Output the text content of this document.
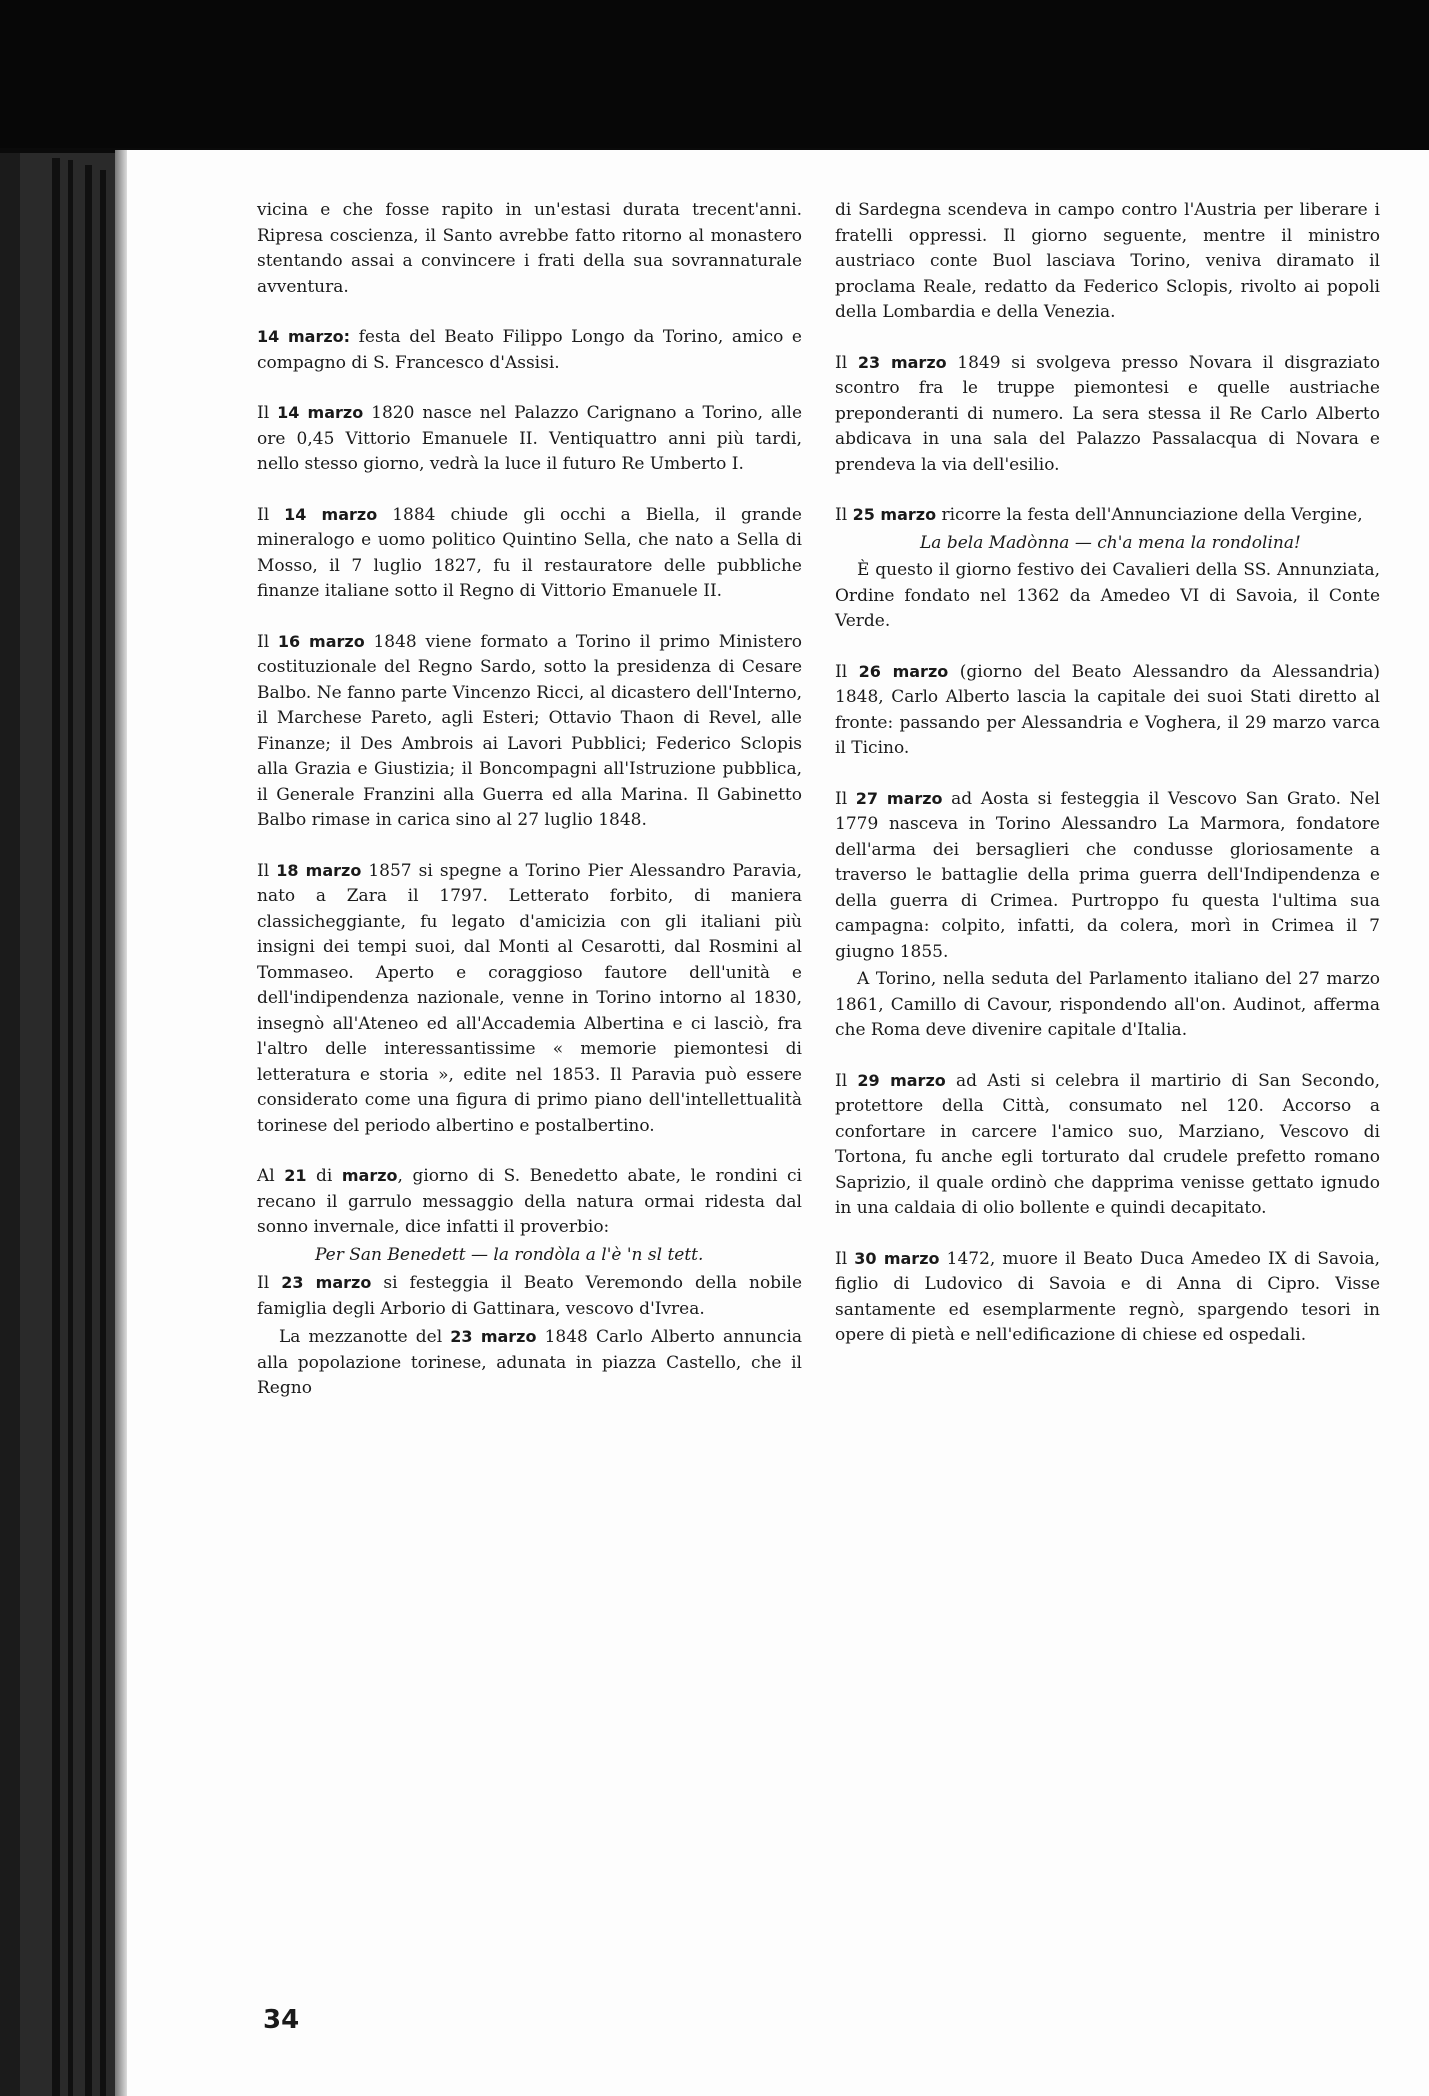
vicina e che fosse rapito in un'estasi durata trecent'anni. Ripresa coscienza, il Santo avrebbe fatto ritorno al monastero stentando assai a convincere i frati della sua sovrannaturale avventura.

14 marzo: festa del Beato Filippo Longo da Torino, amico e compagno di S. Francesco d'Assisi.

Il 14 marzo 1820 nasce nel Palazzo Carignano a Torino, alle ore 0,45 Vittorio Emanuele II. Ventiquattro anni più tardi, nello stesso giorno, vedrà la luce il futuro Re Umberto I.

Il 14 marzo 1884 chiude gli occhi a Biella, il grande mineralogo e uomo politico Quintino Sella, che nato a Sella di Mosso, il 7 luglio 1827, fu il restauratore delle pubbliche finanze italiane sotto il Regno di Vittorio Emanuele II.

Il 16 marzo 1848 viene formato a Torino il primo Ministero costituzionale del Regno Sardo, sotto la presidenza di Cesare Balbo. Ne fanno parte Vincenzo Ricci, al dicastero dell'Interno, il Marchese Pareto, agli Esteri; Ottavio Thaon di Revel, alle Finanze; il Des Ambrois ai Lavori Pubblici; Federico Sclopis alla Grazia e Giustizia; il Boncompagni all'Istruzione pubblica, il Generale Franzini alla Guerra ed alla Marina. Il Gabinetto Balbo rimase in carica sino al 27 luglio 1848.

Il 18 marzo 1857 si spegne a Torino Pier Alessandro Paravia, nato a Zara il 1797. Letterato forbito, di maniera classicheggiante, fu legato d'amicizia con gli italiani più insigni dei tempi suoi, dal Monti al Cesarotti, dal Rosmini al Tommaseo. Aperto e coraggioso fautore dell'unità e dell'indipendenza nazionale, venne in Torino intorno al 1830, insegnò all'Ateneo ed all'Accademia Albertina e ci lasciò, fra l'altro delle interessantissime « memorie piemontesi di letteratura e storia », edite nel 1853. Il Paravia può essere considerato come una figura di primo piano dell'intellettualità torinese del periodo albertino e postalbertino.

Al 21 di marzo, giorno di S. Benedetto abate, le rondini ci recano il garrulo messaggio della natura ormai ridesta dal sonno invernale, dice infatti il proverbio:

Per San Benedett — la rondòla a l'è 'n sl tett.

Il 23 marzo si festeggia il Beato Veremondo della nobile famiglia degli Arborio di Gattinara, vescovo d'Ivrea.

La mezzanotte del 23 marzo 1848 Carlo Alberto annuncia alla popolazione torinese, adunata in piazza Castello, che il Regno

di Sardegna scendeva in campo contro l'Austria per liberare i fratelli oppressi. Il giorno seguente, mentre il ministro austriaco conte Buol lasciava Torino, veniva diramato il proclama Reale, redatto da Federico Sclopis, rivolto ai popoli della Lombardia e della Venezia.

Il 23 marzo 1849 si svolgeva presso Novara il disgraziato scontro fra le truppe piemontesi e quelle austriache preponderanti di numero. La sera stessa il Re Carlo Alberto abdicava in una sala del Palazzo Passalacqua di Novara e prendeva la via dell'esilio.

Il 25 marzo ricorre la festa dell'Annunciazione della Vergine,

La bela Madònna — ch'a mena la rondolina!

È questo il giorno festivo dei Cavalieri della SS. Annunziata, Ordine fondato nel 1362 da Amedeo VI di Savoia, il Conte Verde.

Il 26 marzo (giorno del Beato Alessandro da Alessandria) 1848, Carlo Alberto lascia la capitale dei suoi Stati diretto al fronte: passando per Alessandria e Voghera, il 29 marzo varca il Ticino.

Il 27 marzo ad Aosta si festeggia il Vescovo San Grato. Nel 1779 nasceva in Torino Alessandro La Marmora, fondatore dell'arma dei bersaglieri che condusse gloriosamente a traverso le battaglie della prima guerra dell'Indipendenza e della guerra di Crimea. Purtroppo fu questa l'ultima sua campagna: colpito, infatti, da colera, morì in Crimea il 7 giugno 1855.

A Torino, nella seduta del Parlamento italiano del 27 marzo 1861, Camillo di Cavour, rispondendo all'on. Audinot, afferma che Roma deve divenire capitale d'Italia.

Il 29 marzo ad Asti si celebra il martirio di San Secondo, protettore della Città, consumato nel 120. Accorso a confortare in carcere l'amico suo, Marziano, Vescovo di Tortona, fu anche egli torturato dal crudele prefetto romano Saprizio, il quale ordinò che dapprima venisse gettato ignudo in una caldaia di olio bollente e quindi decapitato.

Il 30 marzo 1472, muore il Beato Duca Amedeo IX di Savoia, figlio di Ludovico di Savoia e di Anna di Cipro. Visse santamente ed esemplarmente regnò, spargendo tesori in opere di pietà e nell'edificazione di chiese ed ospedali.

34
